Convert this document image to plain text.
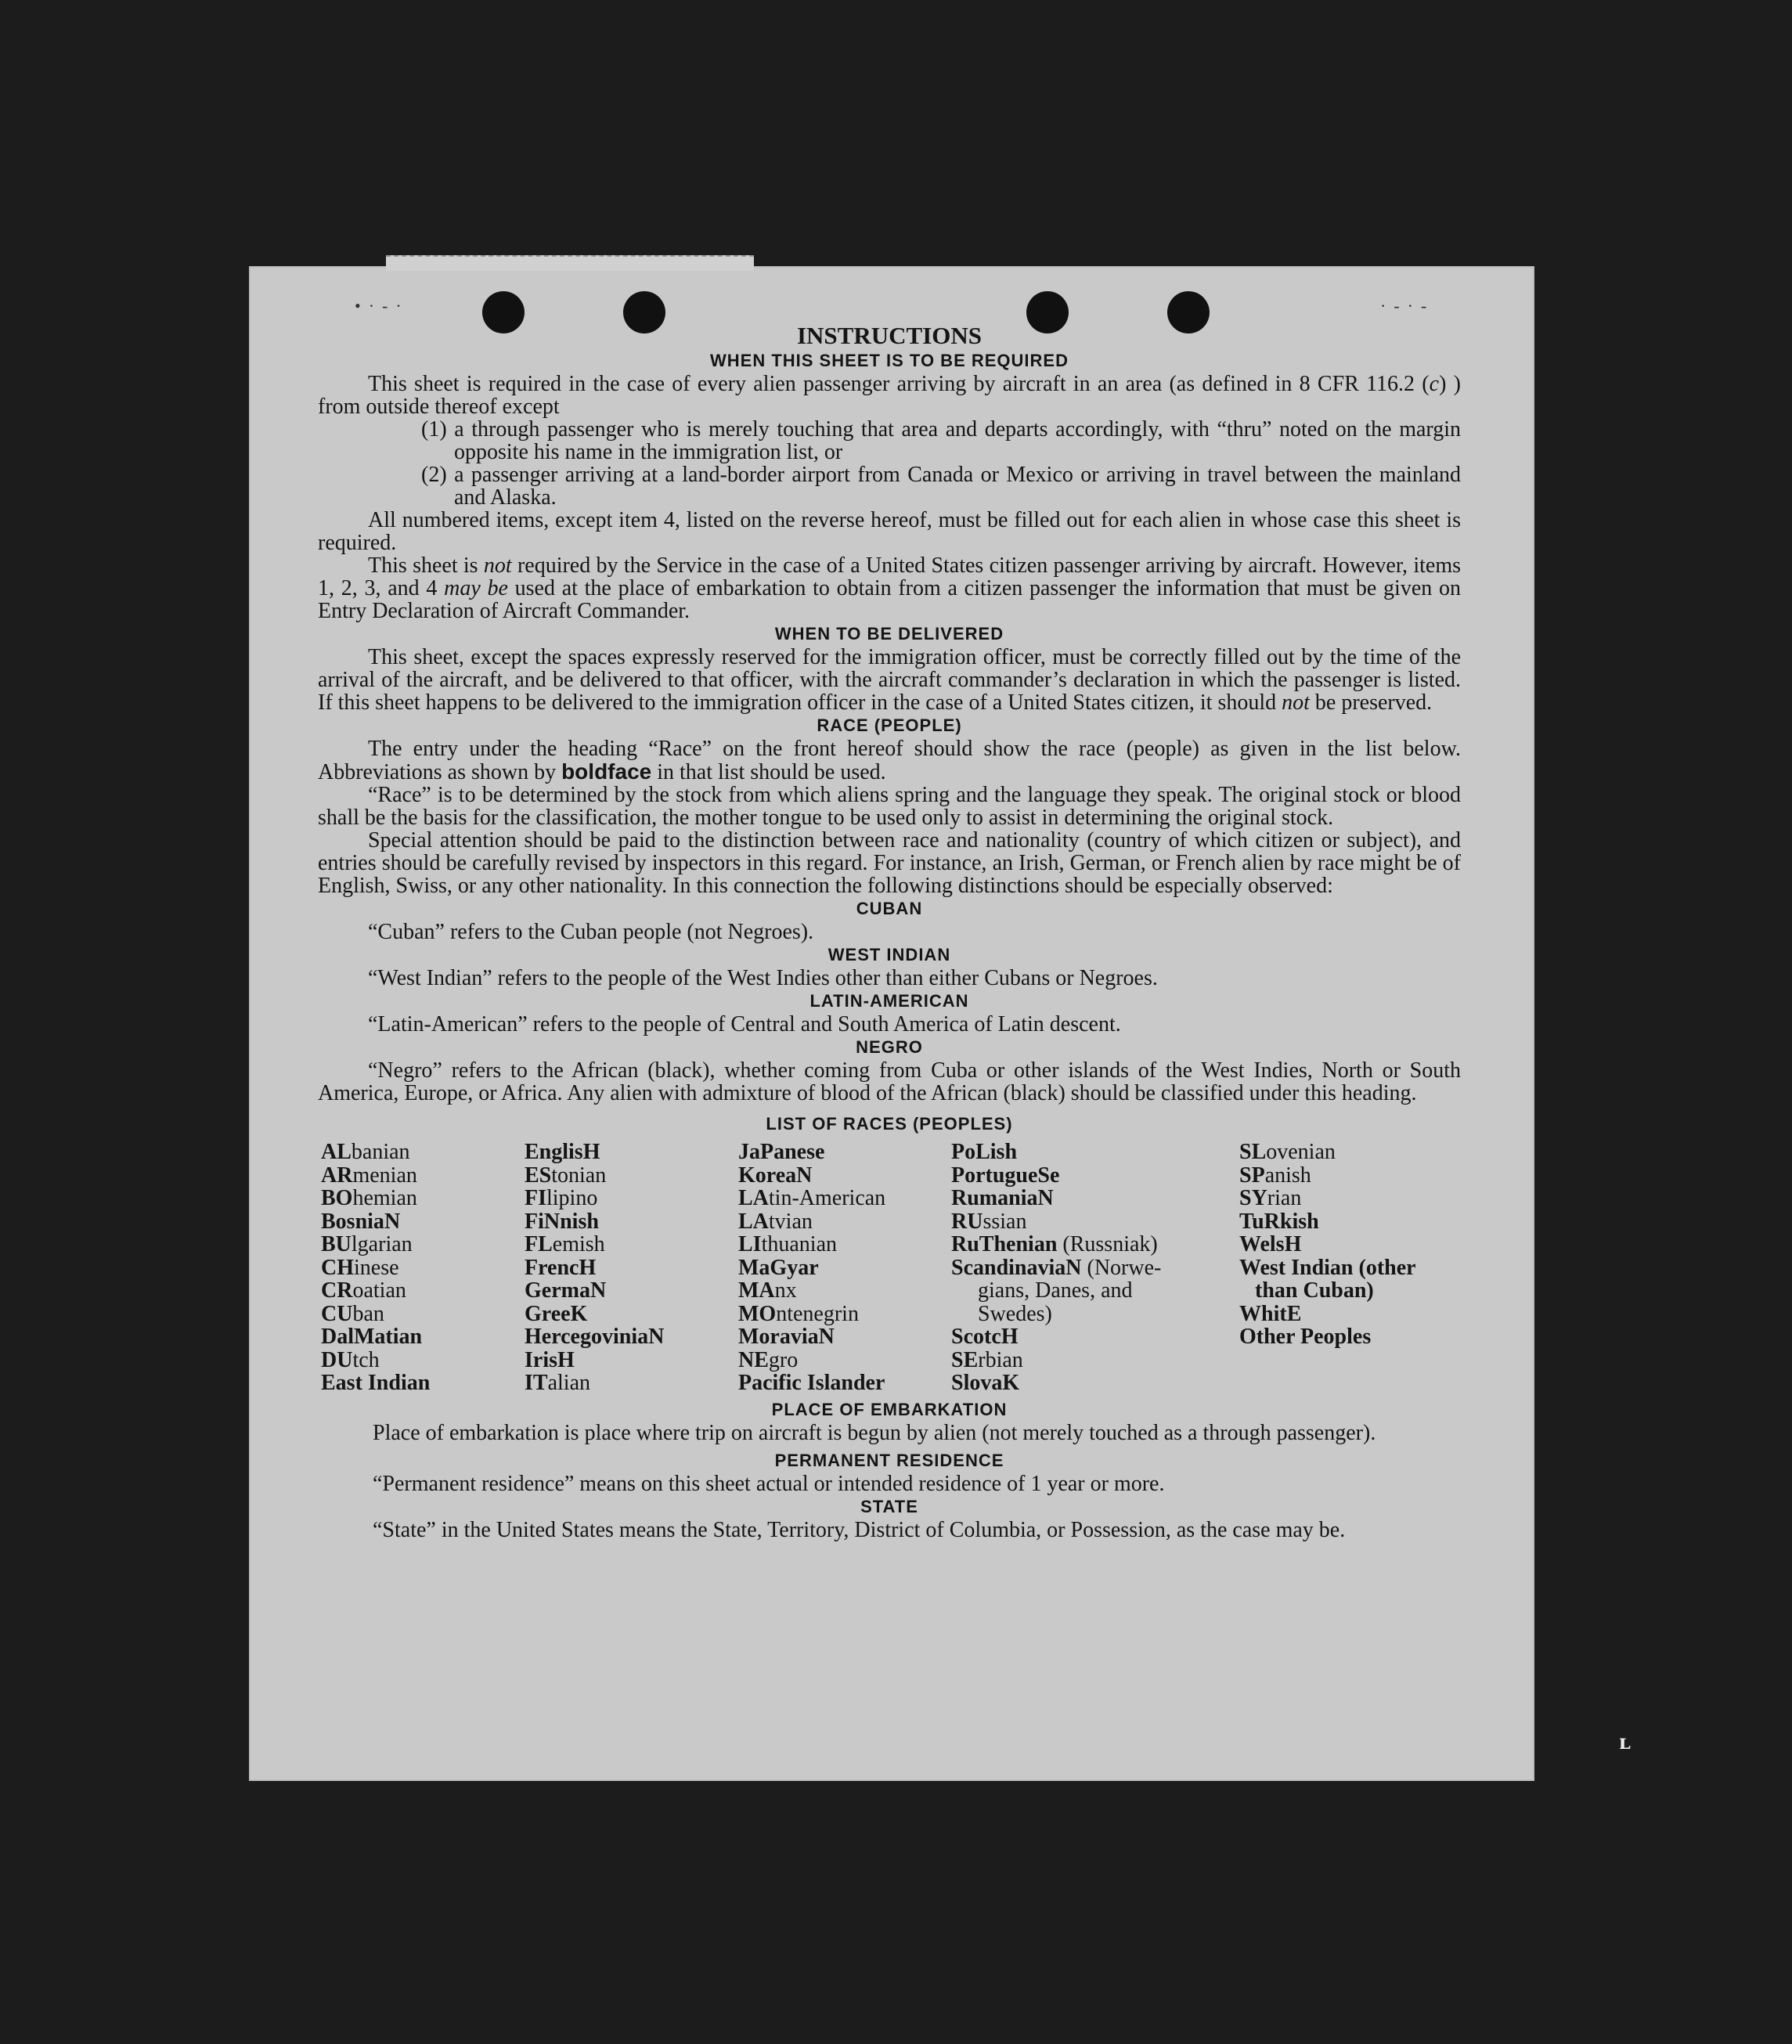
•·-·	·-·-
INSTRUCTIONS
WHEN THIS SHEET IS TO BE REQUIRED

This sheet is required in the case of every alien passenger arriving by aircraft in an area (as defined in 8 CFR 116.2 (c) ) from outside thereof except

(1) a through passenger who is merely touching that area and departs accordingly, with “thru” noted on the margin opposite his name in the immigration list, or

(2) a passenger arriving at a land-border airport from Canada or Mexico or arriving in travel between the mainland and Alaska.

All numbered items, except item 4, listed on the reverse hereof, must be filled out for each alien in whose case this sheet is required.

This sheet is not required by the Service in the case of a United States citizen passenger arriving by aircraft. However, items 1, 2, 3, and 4 may be used at the place of embarkation to obtain from a citizen passenger the information that must be given on Entry Declaration of Aircraft Commander.

WHEN TO BE DELIVERED

This sheet, except the spaces expressly reserved for the immigration officer, must be correctly filled out by the time of the arrival of the aircraft, and be delivered to that officer, with the aircraft commander’s declaration in which the passenger is listed. If this sheet happens to be delivered to the immigration officer in the case of a United States citizen, it should not be preserved.

RACE (PEOPLE)

The entry under the heading “Race” on the front hereof should show the race (people) as given in the list below. Abbreviations as shown by boldface in that list should be used.

“Race” is to be determined by the stock from which aliens spring and the language they speak. The original stock or blood shall be the basis for the classification, the mother tongue to be used only to assist in determining the original stock.

Special attention should be paid to the distinction between race and nationality (country of which citizen or subject), and entries should be carefully revised by inspectors in this regard. For instance, an Irish, German, or French alien by race might be of English, Swiss, or any other nationality. In this connection the following distinctions should be especially observed:

CUBAN

“Cuban” refers to the Cuban people (not Negroes).

WEST INDIAN

“West Indian” refers to the people of the West Indies other than either Cubans or Negroes.

LATIN-AMERICAN

“Latin-American” refers to the people of Central and South America of Latin descent.

NEGRO

“Negro” refers to the African (black), whether coming from Cuba or other islands of the West Indies, North or South America, Europe, or Africa. Any alien with admixture of blood of the African (black) should be classified under this heading.

LIST OF RACES (PEOPLES)
ALbanian
ARmenian
BOhemian
BosniaN
BUlgarian
CHinese
CRoatian
CUban
DalMatian
DUtch
East Indian
EnglisH
EStonian
FIlipino
FiNnish
FLemish
FrencH
GermaN
GreeK
HercegoviniaN
IrisH
ITalian
JaPanese
KoreaN
LAtin-American
LAtvian
LIthuanian
MaGyar
MAnx
MOntenegrin
MoraviaN
NEgro
Pacific Islander
PoLish
PortugueSe
RumaniaN
RUssian
RuThenian (Russniak)
ScandinaviaN (Norwe-
gians, Danes, and
Swedes)
ScotcH
SErbian
SlovaK
SLovenian
SPanish
SYrian
TuRkish
WelsH
West Indian (other
than Cuban)
WhitE
Other Peoples
PLACE OF EMBARKATION

Place of embarkation is place where trip on aircraft is begun by alien (not merely touched as a through passenger).

PERMANENT RESIDENCE

“Permanent residence” means on this sheet actual or intended residence of 1 year or more.

STATE

“State” in the United States means the State, Territory, District of Columbia, or Possession, as the case may be.

ʟ
